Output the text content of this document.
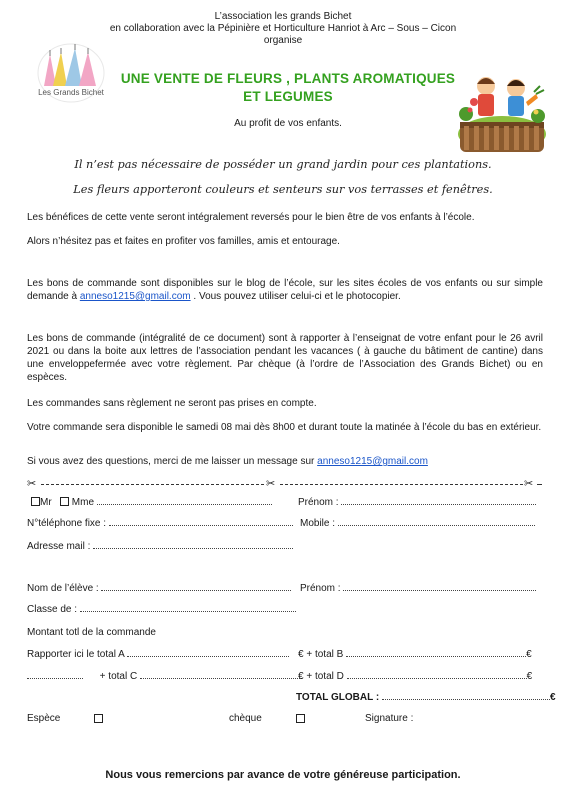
L’association les grands Bichet
en collaboration avec la Pépinière et Horticulture Hanriot à Arc – Sous – Cicon
organise
Les Grands Bichet
UNE VENTE DE FLEURS , PLANTS AROMATIQUES
ET LEGUMES
Au profit de vos enfants.
Il n’est pas nécessaire de posséder un grand jardin pour ces plantations.
Les fleurs apporteront couleurs et senteurs sur vos terrasses et fenêtres.
Les bénéfices de cette vente seront intégralement reversés pour le bien être de vos enfants à l’école.
Alors n’hésitez pas et faites en profiter vos familles, amis et entourage.
Les bons de commande sont disponibles sur le blog de l’école, sur les sites écoles de vos enfants ou sur simple demande à anneso1215@gmail.com . Vous pouvez utiliser celui-ci et le photocopier.
Les bons de commande (intégralité de ce document) sont à rapporter à l’enseignat de votre enfant pour le 26 avril 2021 ou dans la boite aux lettres de l’association pendant les vacances ( à gauche du bâtiment de cantine) dans une enveloppefermée avec votre règlement. Par chèque (à l’ordre de l’Association des Grands Bichet) ou en espèces.
Les commandes sans règlement ne seront pas prises en compte.
Votre commande sera disponible le samedi 08 mai dès 8h00 et durant toute la matinée à l’école du bas en extérieur.
Si vous avez des questions, merci de me laisser un message sur anneso1215@gmail.com
✂	✂	✂
Mr Mme	Prénom :
N°téléphone fixe :	Mobile :
Adresse mail :
Nom de l’élève :	Prénom :
Classe de :
Montant totl de la commande
Rapporter ici le total A	€ + total B	€
+ total C	€ + total D	€
TOTAL GLOBAL :	€
Espèce	chèque	Signature :
Nous vous remercions par avance de votre généreuse participation.
